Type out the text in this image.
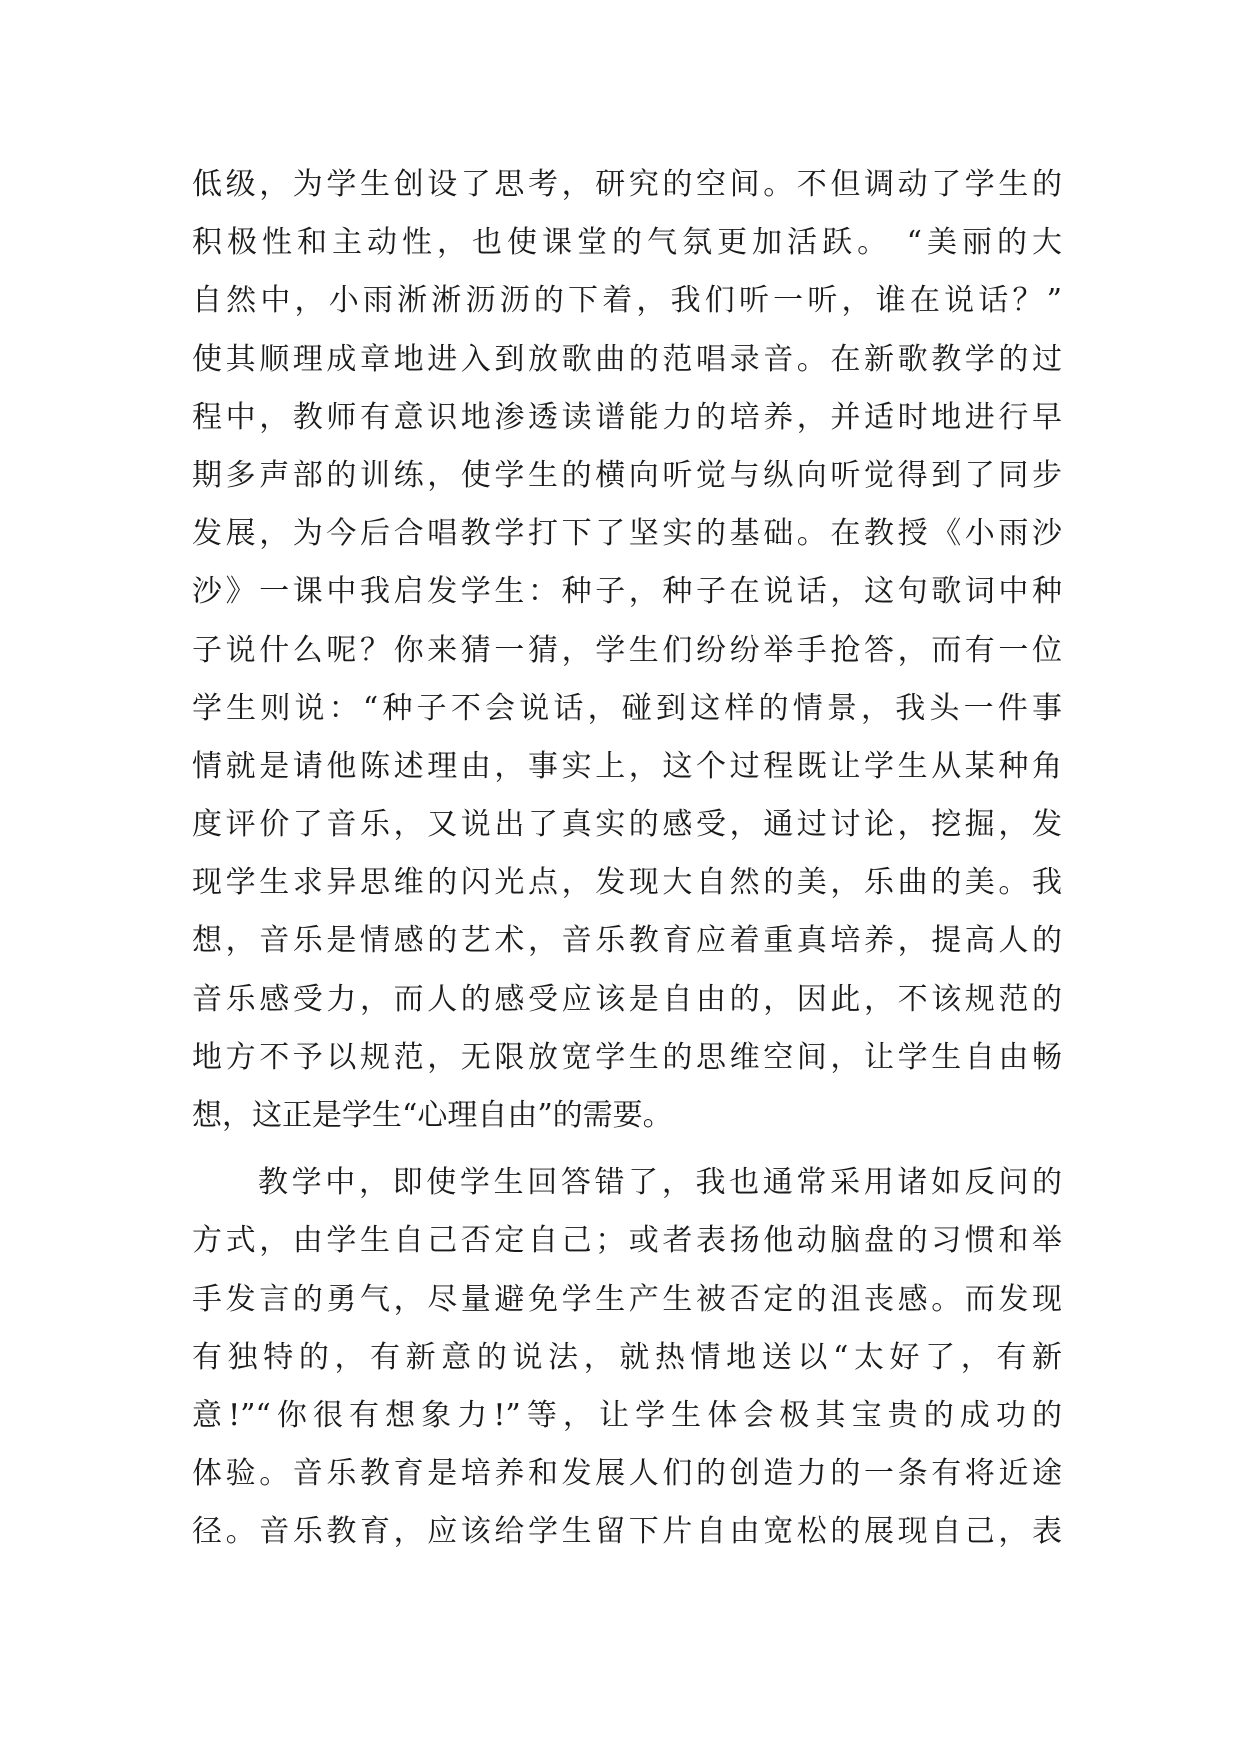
低级，为学生创设了思考，研究的空间。不但调动了学生的
积极性和主动性，也使课堂的气氛更加活跃。 “美丽的大
自然中，小雨淅淅沥沥的下着，我们听一听，谁在说话？”
使其顺理成章地进入到放歌曲的范唱录音。在新歌教学的过
程中，教师有意识地渗透读谱能力的培养，并适时地进行早
期多声部的训练，使学生的横向听觉与纵向听觉得到了同步
发展，为今后合唱教学打下了坚实的基础。在教授《小雨沙
沙》一课中我启发学生：种子，种子在说话，这句歌词中种
子说什么呢？你来猜一猜，学生们纷纷举手抢答，而有一位
学生则说：“种子不会说话，碰到这样的情景，我头一件事
情就是请他陈述理由，事实上，这个过程既让学生从某种角
度评价了音乐，又说出了真实的感受，通过讨论，挖掘，发
现学生求异思维的闪光点，发现大自然的美，乐曲的美。我
想，音乐是情感的艺术，音乐教育应着重真培养，提高人的
音乐感受力，而人的感受应该是自由的，因此，不该规范的
地方不予以规范，无限放宽学生的思维空间，让学生自由畅
想，这正是学生“心理自由”的需要。
教学中，即使学生回答错了，我也通常采用诸如反问的
方式，由学生自己否定自己；或者表扬他动脑盘的习惯和举
手发言的勇气，尽量避免学生产生被否定的沮丧感。而发现
有独特的，有新意的说法，就热情地送以“太好了，有新
意!”“你很有想象力!”等，让学生体会极其宝贵的成功的
体验。音乐教育是培养和发展人们的创造力的一条有将近途
径。音乐教育，应该给学生留下片自由宽松的展现自己，表
